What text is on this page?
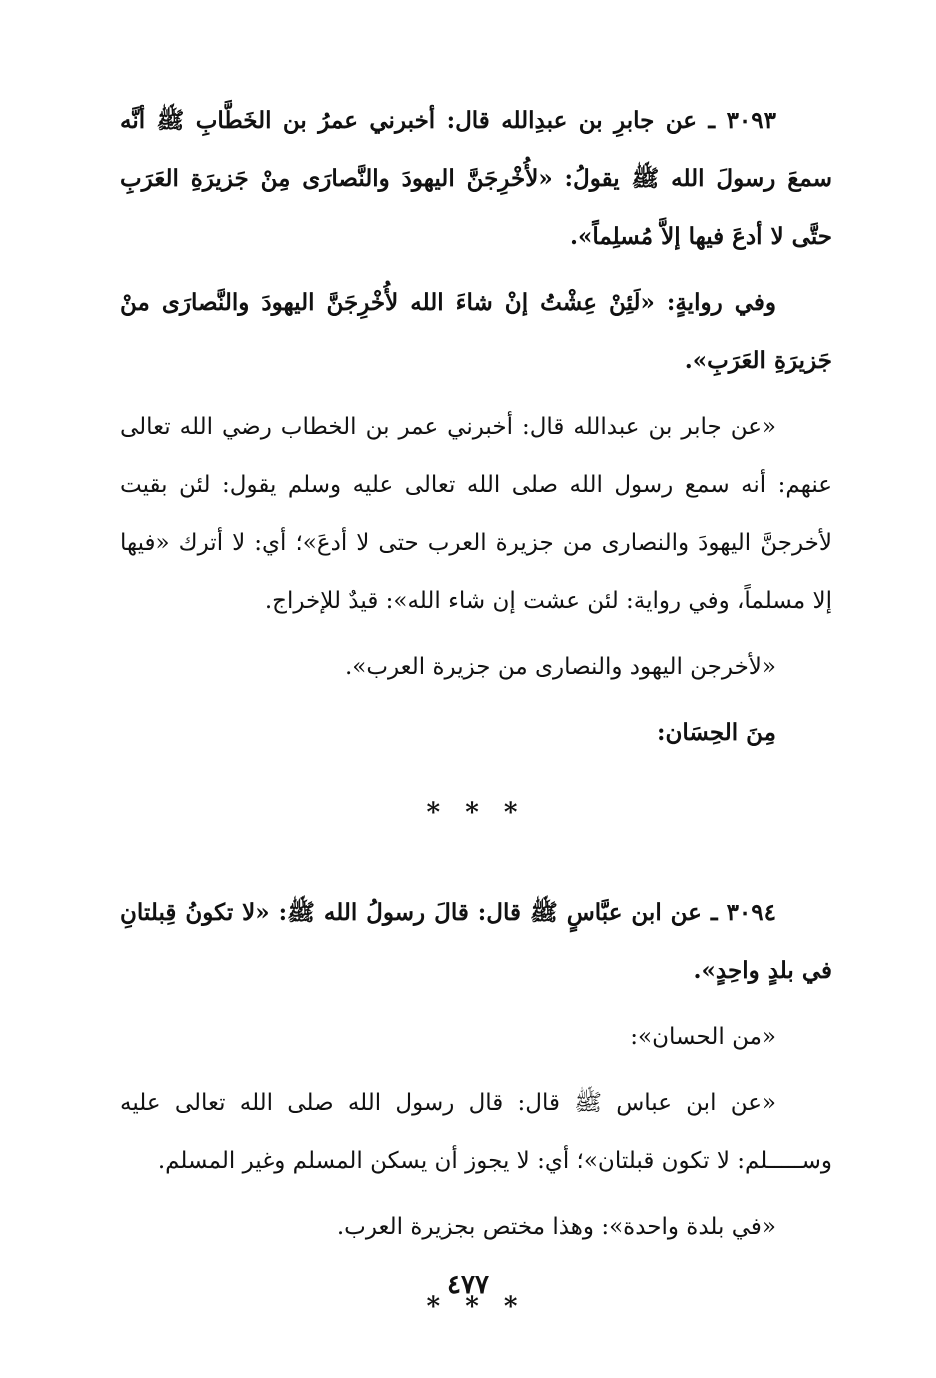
٣٠٩٣ ـ عن جابرِ بن عبدِالله قال: أخبرني عمرُ بن الخَطَّابِ ﷺ أنَّه سمعَ رسولَ الله ﷺ يقولُ: «لأُخْرِجَنَّ اليهودَ والنَّصارَى مِنْ جَزيرَةِ العَرَبِ حتَّى لا أدعَ فيها إلاَّ مُسلِماً».

وفي روايةٍ: «لَئِنْ عِشْتُ إنْ شاءَ الله لأُخْرِجَنَّ اليهودَ والنَّصارَى منْ جَزيرَةِ العَرَبِ».

«عن جابر بن عبدالله قال: أخبرني عمر بن الخطاب رضي الله تعالى عنهم: أنه سمع رسول الله صلى الله تعالى عليه وسلم يقول: لئن بقيت لأخرجنَّ اليهودَ والنصارى من جزيرة العرب حتى لا أدعَ»؛ أي: لا أترك «فيها إلا مسلماً، وفي رواية: لئن عشت إن شاء الله»: قيدٌ للإخراج.

«لأخرجن اليهود والنصارى من جزيرة العرب».

مِنَ الحِسَان:

* * *

٣٠٩٤ ـ عن ابن عبَّاسٍ ﷺ قال: قالَ رسولُ الله ﷺ: «لا تكونُ قِبلتانِ في بلدٍ واحِدٍ».

«من الحسان»:

«عن ابن عباس ﷺ قال: قال رسول الله صلى الله تعالى عليه وســـــلم: لا تكون قبلتان»؛ أي: لا يجوز أن يسكن المسلم وغير المسلم.

«في بلدة واحدة»: وهذا مختص بجزيرة العرب.

* * *
٤٧٧
